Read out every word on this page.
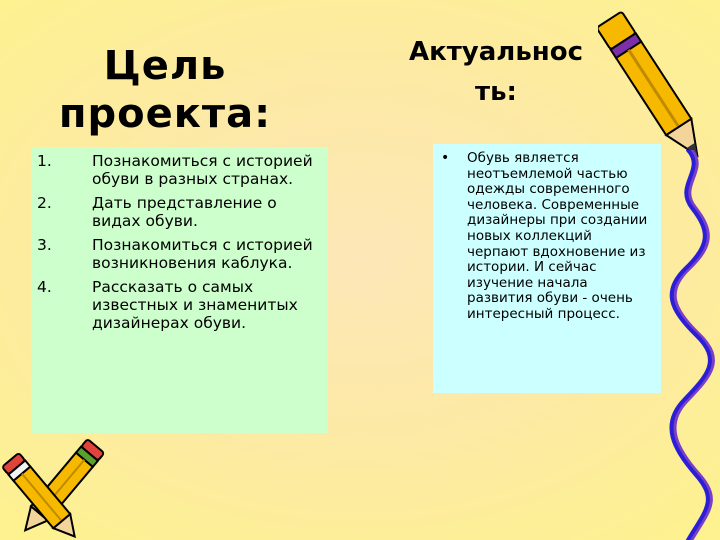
Цель
проекта:
Актуальнос
ть:
1.	Познакомиться с историей обуви в разных странах.
2.	Дать представление о видах обуви.
3.	Познакомиться с историей возникновения каблука.
4.	Рассказать о самых известных и знаменитых дизайнерах обуви.
•	Обувь является неотъемлемой частью одежды современного человека. Современные дизайнеры при создании новых коллекций черпают вдохновение из истории. И сейчас изучение начала развития обуви - очень интересный процесс.
